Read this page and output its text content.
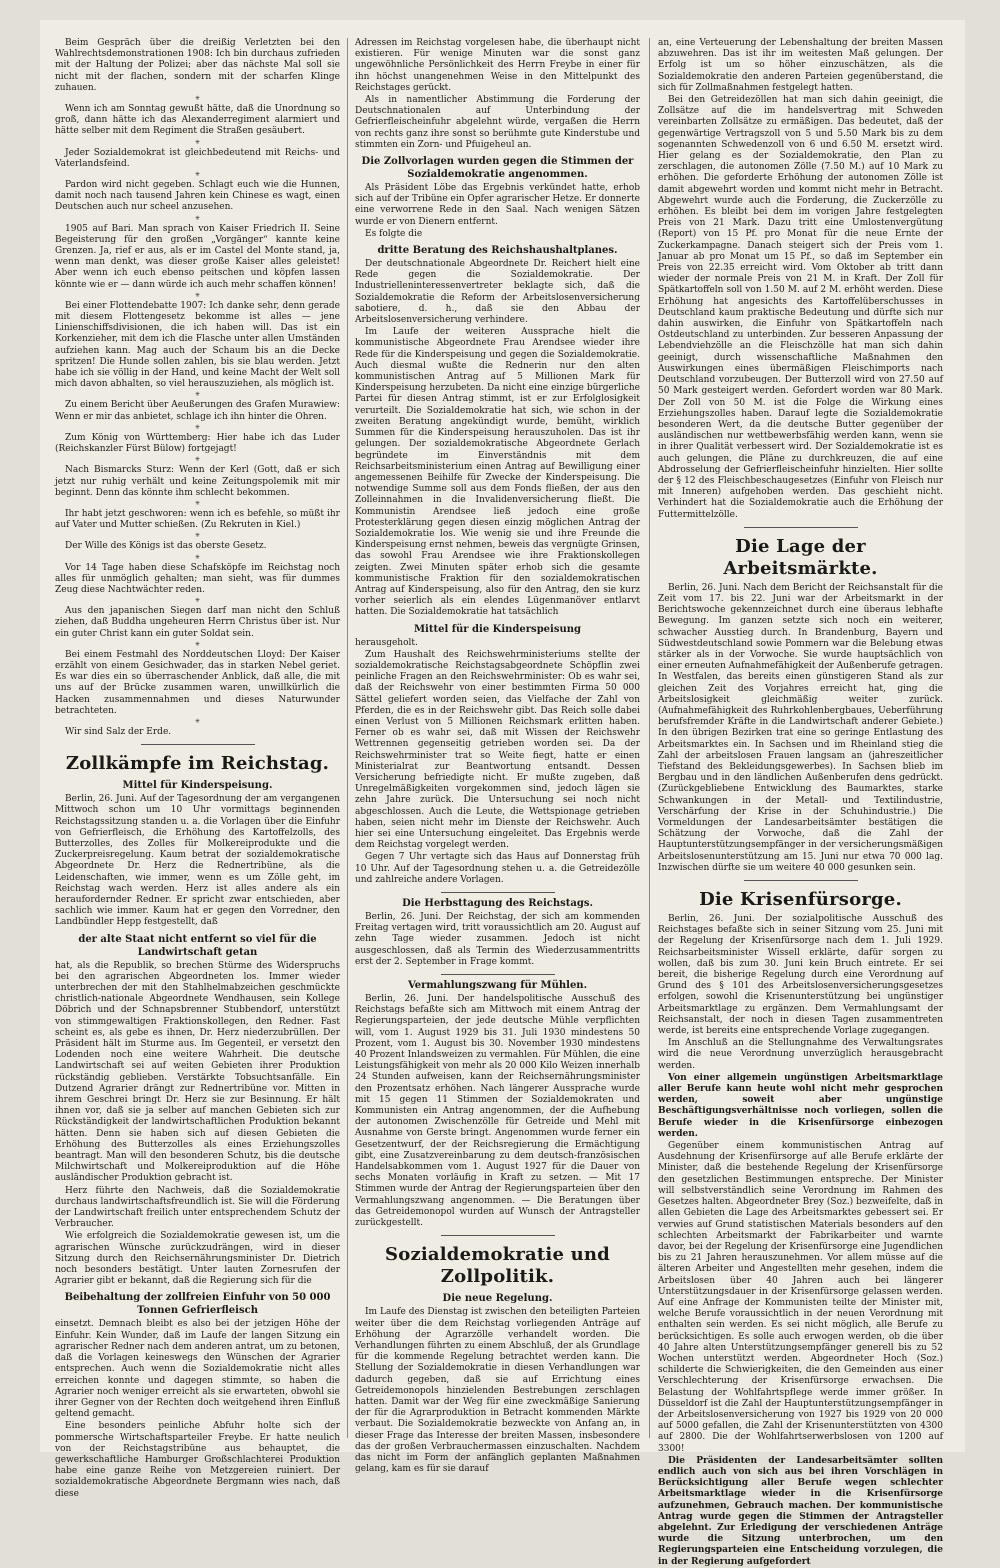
Beim Gespräch über die dreißig Verletzten bei den Wahlrechtsdemonstrationen 1908: Ich bin durchaus zufrieden mit der Haltung der Polizei; aber das nächste Mal soll sie nicht mit der flachen, sondern mit der scharfen Klinge zuhauen.

✳

Wenn ich am Sonntag gewußt hätte, daß die Unordnung so groß, dann hätte ich das Alexanderregiment alarmiert und hätte selber mit dem Regiment die Straßen gesäubert.

✳

Jeder Sozialdemokrat ist gleichbedeutend mit Reichs- und Vaterlandsfeind.

✳

Pardon wird nicht gegeben. Schlagt euch wie die Hunnen, damit noch nach tausend Jahren kein Chinese es wagt, einen Deutschen auch nur scheel anzusehen.

✳

1905 auf Bari. Man sprach von Kaiser Friedrich II. Seine Begeisterung für den großen „Vorgänger“ kannte keine Grenzen. Ja, rief er aus, als er im Castel del Monte stand, ja, wenn man denkt, was dieser große Kaiser alles geleistet! Aber wenn ich euch ebenso peitschen und köpfen lassen könnte wie er — dann würde ich auch mehr schaffen können!

✳

Bei einer Flottendebatte 1907: Ich danke sehr, denn gerade mit diesem Flottengesetz bekomme ist alles — jene Linienschiffsdivisionen, die ich haben will. Das ist ein Korkenzieher, mit dem ich die Flasche unter allen Umständen aufziehen kann. Mag auch der Schaum bis an die Decke spritzen! Die Hunde sollen zahlen, bis sie blau werden. Jetzt habe ich sie völlig in der Hand, und keine Macht der Welt soll mich davon abhalten, so viel herauszuziehen, als möglich ist.

✳

Zu einem Bericht über Aeußerungen des Grafen Murawiew: Wenn er mir das anbietet, schlage ich ihn hinter die Ohren.

✳

Zum König von Württemberg: Hier habe ich das Luder (Reichskanzler Fürst Bülow) fortgejagt!

✳

Nach Bismarcks Sturz: Wenn der Kerl (Gott, daß er sich jetzt nur ruhig verhält und keine Zeitungspolemik mit mir beginnt. Denn das könnte ihm schlecht bekommen.

✳

Ihr habt jetzt geschworen: wenn ich es befehle, so müßt ihr auf Vater und Mutter schießen. (Zu Rekruten in Kiel.)

✳

Der Wille des Königs ist das oberste Gesetz.

✳

Vor 14 Tage haben diese Schafsköpfe im Reichstag noch alles für unmöglich gehalten; man sieht, was für dummes Zeug diese Nachtwächter reden.

✳

Aus den japanischen Siegen darf man nicht den Schluß ziehen, daß Buddha ungeheuren Herrn Christus über ist. Nur ein guter Christ kann ein guter Soldat sein.

✳

Bei einem Festmahl des Norddeutschen Lloyd: Der Kaiser erzählt von einem Gesichwader, das in starken Nebel geriet. Es war dies ein so überraschender Anblick, daß alle, die mit uns auf der Brücke zusammen waren, unwillkürlich die Hacken zusammennahmen und dieses Naturwunder betrachteten.

✳

Wir sind Salz der Erde.

Zollkämpfe im Reichstag.
Mittel für Kinderspeisung.

Berlin, 26. Juni. Auf der Tagesordnung der am vergangenen Mittwoch schon um 10 Uhr vormittags beginnenden Reichstagssitzung standen u. a. die Vorlagen über die Einfuhr von Gefrierfleisch, die Erhöhung des Kartoffelzolls, des Butterzolles, des Zolles für Molkereiprodukte und die Zuckerpreisregelung. Kaum betrat der sozialdemokratische Abgeordnete Dr. Herz die Rednertribüne, als die Leidenschaften, wie immer, wenn es um Zölle geht, im Reichstag wach werden. Herz ist alles andere als ein heraufordernder Redner. Er spricht zwar entschieden, aber sachlich wie immer. Kaum hat er gegen den Vorredner, den Landbündler Hepp festgestellt, daß

der alte Staat nicht entfernt so viel für die Landwirtschaft getan

hat, als die Republik, so brechen Stürme des Widerspruchs bei den agrarischen Abgeordneten los. Immer wieder unterbrechen der mit den Stahlhelmabzeichen geschmückte christlich-nationale Abgeordnete Wendhausen, sein Kollege Döbrich und der Schnapsbrenner Stubbendorf, unterstützt von stimmgewaltigen Fraktionskollegen, den Redner. Fast scheint es, als gebe es ihnen, Dr. Herz niederzubrüllen. Der Präsident hält im Sturme aus. Im Gegenteil, er versetzt den Lodenden noch eine weitere Wahrheit. Die deutsche Landwirtschaft sei auf weiten Gebieten ihrer Produktion rückständig geblieben. Verstärkte Tobsuchtsanfälle. Ein Dutzend Agrarier drängt zur Rednertribüne vor. Mitten in ihrem Geschrei bringt Dr. Herz sie zur Besinnung. Er hält ihnen vor, daß sie ja selber auf manchen Gebieten sich zur Rückständigkeit der landwirtschaftlichen Produktion bekannt hätten. Denn sie haben sich auf diesen Gebieten die Erhöhung des Butterzolles als eines Erziehungszolles beantragt. Man will den besonderen Schutz, bis die deutsche Milchwirtschaft und Molkereiproduktion auf die Höhe ausländischer Produktion gebracht ist.

Herz führte den Nachweis, daß die Sozialdemokratie durchaus landwirtschaftsfreundlich ist. Sie will die Förderung der Landwirtschaft freilich unter entsprechendem Schutz der Verbraucher.

Wie erfolgreich die Sozialdemokratie gewesen ist, um die agrarischen Wünsche zurückzudrängen, wird in dieser Sitzung durch den Reichsernährungsminister Dr. Dietrich noch besonders bestätigt. Unter lauten Zornesrufen der Agrarier gibt er bekannt, daß die Regierung sich für die

Beibehaltung der zollfreien Einfuhr von 50 000 Tonnen Gefrierfleisch

einsetzt. Demnach bleibt es also bei der jetzigen Höhe der Einfuhr. Kein Wunder, daß im Laufe der langen Sitzung ein agrarischer Redner nach dem anderen antrat, um zu betonen, daß die Vorlagen keineswegs den Wünschen der Agrarier entsprechen. Auch wenn die Sozialdemokratie nicht alles erreichen konnte und dagegen stimmte, so haben die Agrarier noch weniger erreicht als sie erwarteten, obwohl sie ihrer Gegner von der Rechten doch weitgehend ihren Einfluß geltend gemacht.

Eine besonders peinliche Abfuhr holte sich der pommersche Wirtschaftsparteiler Freybe. Er hatte neulich von der Reichstagstribüne aus behauptet, die gewerkschaftliche Hamburger Großschlachterei Produktion habe eine ganze Reihe von Metzgereien ruiniert. Der sozialdemokratische Abgeordnete Bergmann wies nach, daß diese

Adressen im Reichstag vorgelesen habe, die überhaupt nicht existieren. Für wenige Minuten war die sonst ganz ungewöhnliche Persönlichkeit des Herrn Freybe in einer für ihn höchst unangenehmen Weise in den Mittelpunkt des Reichstages gerückt.

Als in namentlicher Abstimmung die Forderung der Deutschnationalen auf Unterbindung der Gefrierfleischeinfuhr abgelehnt würde, vergaßen die Herrn von rechts ganz ihre sonst so berühmte gute Kinderstube und stimmten ein Zorn- und Pfuigeheul an.

Die Zollvorlagen wurden gegen die Stimmen der Sozialdemokratie angenommen.

Als Präsident Löbe das Ergebnis verkündet hatte, erhob sich auf der Tribüne ein Opfer agrarischer Hetze. Er donnerte eine verworrene Rede in den Saal. Nach wenigen Sätzen wurde er von Dienern entfernt.

Es folgte die

dritte Beratung des Reichshaushaltplanes.

Der deutschnationale Abgeordnete Dr. Reichert hielt eine Rede gegen die Sozialdemokratie. Der Industrielleninteressenvertreter beklagte sich, daß die Sozialdemokratie die Reform der Arbeitslosenversicherung sabotiere, d. h., daß sie den Abbau der Arbeitslosenversicherung verhindere.

Im Laufe der weiteren Aussprache hielt die kommunistische Abgeordnete Frau Arendsee wieder ihre Rede für die Kinderspeisung und gegen die Sozialdemokratie. Auch diesmal wußte die Rednerin nur den alten kommunistischen Antrag auf 5 Millionen Mark für Kinderspeisung herzubeten. Da nicht eine einzige bürgerliche Partei für diesen Antrag stimmt, ist er zur Erfolglosigkeit verurteilt. Die Sozialdemokratie hat sich, wie schon in der zweiten Beratung angekündigt wurde, bemüht, wirklich Summen für die Kinderspeisung herauszuholen. Das ist ihr gelungen. Der sozialdemokratische Abgeordnete Gerlach begründete im Einverständnis mit dem Reichsarbeitsministerium einen Antrag auf Bewilligung einer angemessenen Beihilfe für Zwecke der Kinderspeisung. Die notwendige Summe soll aus dem Fonds fließen, der aus den Zolleinnahmen in die Invalidenversicherung fließt. Die Kommunistin Arendsee ließ jedoch eine große Protesterklärung gegen diesen einzig möglichen Antrag der Sozialdemokratie los. Wie wenig sie und ihre Freunde die Kinderspeisung ernst nehmen, beweis das vergnügte Grinsen, das sowohl Frau Arendsee wie ihre Fraktionskollegen zeigten. Zwei Minuten später erhob sich die gesamte kommunistische Fraktion für den sozialdemokratischen Antrag auf Kinderspeisung, also für den Antrag, den sie kurz vorher seierlich als ein elendes Lügenmanöver entlarvt hatten. Die Sozialdemokratie hat tatsächlich

Mittel für die Kinderspeisung

herausgeholt.

Zum Haushalt des Reichswehrministeriums stellte der sozialdemokratische Reichstagsabgeordnete Schöpflin zwei peinliche Fragen an den Reichswehrminister: Ob es wahr sei, daß der Reichswehr von einer bestimmten Firma 50 000 Sättel geliefert worden seien, das Vielfache der Zahl von Pferden, die es in der Reichswehr gibt. Das Reich solle dabei einen Verlust von 5 Millionen Reichsmark erlitten haben. Ferner ob es wahr sei, daß mit Wissen der Reichswehr Wettrennen gegenseitig getrieben worden sei. Da der Reichswehrminister trat so Weite fiegt, hatte er einen Ministerialrat zur Beantwortung entsandt. Dessen Versicherung befriedigte nicht. Er mußte zugeben, daß Unregelmäßigkeiten vorgekommen sind, jedoch lägen sie zehn Jahre zurück. Die Untersuchung sei noch nicht abgeschlossen. Auch die Leute, die Wettspionage getrieben haben, seien nicht mehr im Dienste der Reichswehr. Auch hier sei eine Untersuchung eingeleitet. Das Ergebnis werde dem Reichstag vorgelegt werden.

Gegen 7 Uhr vertagte sich das Haus auf Donnerstag früh 10 Uhr. Auf der Tagesordnung stehen u. a. die Getreidezölle und zahlreiche andere Vorlagen.

Die Herbsttagung des Reichstags.

Berlin, 26. Juni. Der Reichstag, der sich am kommenden Freitag vertagen wird, tritt voraussichtlich am 20. August auf zehn Tage wieder zusammen. Jedoch ist nicht ausgeschlossen, daß als Termin des Wiederzusammentritts erst der 2. September in Frage kommt.

Vermahlungszwang für Mühlen.

Berlin, 26. Juni. Der handelspolitische Ausschuß des Reichstags befaßte sich am Mittwoch mit einem Antrag der Regierungsparteien, der jede deutsche Mühle verpflichten will, vom 1. August 1929 bis 31. Juli 1930 mindestens 50 Prozent, vom 1. August bis 30. November 1930 mindestens 40 Prozent Inlandsweizen zu vermahlen. Für Mühlen, die eine Leistungsfähigkeit von mehr als 20 000 Kilo Weizen innerhalb 24 Stunden aufweisen, kann der Reichsernährungsminister den Prozentsatz erhöhen. Nach längerer Aussprache wurde mit 15 gegen 11 Stimmen der Sozialdemokraten und Kommunisten ein Antrag angenommen, der die Aufhebung der autonomen Zwischenzölle für Getreide und Mehl mit Ausnahme von Gerste bringt. Angenommen wurde ferner ein Gesetzentwurf, der der Reichsregierung die Ermächtigung gibt, eine Zusatzvereinbarung zu dem deutsch-französischen Handelsabkommen vom 1. August 1927 für die Dauer von sechs Monaten vorläufig in Kraft zu setzen. — Mit 17 Stimmen wurde der Antrag der Regierungsparteien über den Vermahlungszwang angenommen. — Die Beratungen über das Getreidemonopol wurden auf Wunsch der Antragsteller zurückgestellt.

Sozialdemokratie und Zollpolitik.
Die neue Regelung.

Im Laufe des Dienstag ist zwischen den beteiligten Parteien weiter über die dem Reichstag vorliegenden Anträge auf Erhöhung der Agrarzölle verhandelt worden. Die Verhandlungen führten zu einem Abschluß, der als Grundlage für die kommende Regelung betrachtet werden kann. Die Stellung der Sozialdemokratie in diesen Verhandlungen war dadurch gegeben, daß sie auf Errichtung eines Getreidemonopols hinzielenden Bestrebungen zerschlagen hatten. Damit war der Weg für eine zweckmäßige Sanierung der für die Agrarproduktion in Betracht kommenden Märkte verbaut. Die Sozialdemokratie bezweckte von Anfang an, in dieser Frage das Interesse der breiten Massen, insbesondere das der großen Verbrauchermassen einzuschalten. Nachdem das nicht im Form der anfänglich geplanten Maßnahmen gelang, kam es für sie darauf

an, eine Verteuerung der Lebenshaltung der breiten Massen abzuwehren. Das ist ihr im weitesten Maß gelungen. Der Erfolg ist um so höher einzuschätzen, als die Sozialdemokratie den anderen Parteien gegenüberstand, die sich für Zollmaßnahmen festgelegt hatten.

Bei den Getreidezöllen hat man sich dahin geeinigt, die Zollsätze auf die im handelsvertrag mit Schweden vereinbarten Zollsätze zu ermäßigen. Das bedeutet, daß der gegenwärtige Vertragszoll von 5 und 5.50 Mark bis zu dem sogenannten Schwedenzoll von 6 und 6.50 M. ersetzt wird. Hier gelang es der Sozialdemokratie, den Plan zu zerschlagen, die autonomen Zölle (7.50 M.) auf 10 Mark zu erhöhen. Die geforderte Erhöhung der autonomen Zölle ist damit abgewehrt worden und kommt nicht mehr in Betracht. Abgewehrt wurde auch die Forderung, die Zuckerzölle zu erhöhen. Es bleibt bei dem im vorigen Jahre festgelegten Preis von 21 Mark. Dazu tritt eine Umlostenvergütung (Report) von 15 Pf. pro Monat für die neue Ernte der Zuckerkampagne. Danach steigert sich der Preis vom 1. Januar ab pro Monat um 15 Pf., so daß im September ein Preis von 22.35 erreicht wird. Vom Oktober ab tritt dann wieder der normale Preis von 21 M. in Kraft. Der Zoll für Spätkartoffeln soll von 1.50 M. auf 2 M. erhöht werden. Diese Erhöhung hat angesichts des Kartoffelüberschusses in Deutschland kaum praktische Bedeutung und dürfte sich nur dahin auswirken, die Einfuhr von Spätkartoffeln nach Ostdeutschland zu unterbinden. Zur besseren Anpassung der Lebendviehzölle an die Fleischzölle hat man sich dahin geeinigt, durch wissenschaftliche Maßnahmen den Auswirkungen eines übermäßigen Fleischimports nach Deutschland vorzubeugen. Der Butterzoll wird von 27.50 auf 50 Mark gesteigert werden. Gefordert worden war 80 Mark. Der Zoll von 50 M. ist die Folge die Wirkung eines Erziehungszolles haben. Darauf legte die Sozialdemokratie besonderen Wert, da die deutsche Butter gegenüber der ausländischen nur wettbewerbsfähig werden kann, wenn sie in ihrer Qualität verbessert wird. Der Sozialdemokratie ist es auch gelungen, die Pläne zu durchkreuzen, die auf eine Abdrosselung der Gefrierfleischeinfuhr hinzielten. Hier sollte der § 12 des Fleischbeschaugesetzes (Einfuhr von Fleisch nur mit Inneren) aufgehoben werden. Das geschieht nicht. Verhindert hat die Sozialdemokratie auch die Erhöhung der Futtermittelzölle.

Die Lage der Arbeitsmärkte.

Berlin, 26. Juni. Nach dem Bericht der Reichsanstalt für die Zeit vom 17. bis 22. Juni war der Arbeitsmarkt in der Berichtswoche gekennzeichnet durch eine überaus lebhafte Bewegung. Im ganzen setzte sich noch ein weiterer, schwacher Ausstieg durch. In Brandenburg, Bayern und Südwestdeutschland sowie Pommern war die Belebung etwas stärker als in der Vorwoche. Sie wurde hauptsächlich von einer erneuten Aufnahmefähigkeit der Außenberufe getragen. In Westfalen, das bereits einen günstigeren Stand als zur gleichen Zeit des Vorjahres erreicht hat, ging die Arbeitslosigkeit gleichmäßig weiter zurück. (Aufnahmefähigkeit des Ruhrkohlenbergbaues, Ueberführung berufsfremder Kräfte in die Landwirtschaft anderer Gebiete.) In den übrigen Bezirken trat eine so geringe Entlastung des Arbeitsmarktes ein. In Sachsen und im Rheinland stieg die Zahl der arbeitslosen Frauen langsam an (jahreszeitlicher Tiefstand des Bekleidungsgewerbes). In Sachsen blieb im Bergbau und in den ländlichen Außenberufen dens gedrückt. (Zurückgebliebene Entwicklung des Baumarktes, starke Schwankungen in der Metall- und Textilindustrie, Verschärfung der Krise in der Schuhindustrie.) Die Vormeldungen der Landesarbeitsämter bestätigen die Schätzung der Vorwoche, daß die Zahl der Hauptunterstützungsempfänger in der versicherungsmäßigen Arbeitslosenunterstützung am 15. Juni nur etwa 70 000 lag. Inzwischen dürfte sie um weitere 40 000 gesunken sein.

Die Krisenfürsorge.

Berlin, 26. Juni. Der sozialpolitische Ausschuß des Reichstages befaßte sich in seiner Sitzung vom 25. Juni mit der Regelung der Krisenfürsorge nach dem 1. Juli 1929. Reichsarbeitsminister Wissell erklärte, dafür sorgen zu wollen, daß bis zum 30. Juni kein Bruch eintrete. Er sei bereit, die bisherige Regelung durch eine Verordnung auf Grund des § 101 des Arbeitslosenversicherungsgesetzes erfolgen, sowohl die Krisenunterstützung bei ungünstiger Arbeitsmarktlage zu ergänzen. Dem Vermahlungsamt der Reichsanstalt, der noch in diesen Tagen zusammentreten werde, ist bereits eine entsprechende Vorlage zugegangen.

Im Anschluß an die Stellungnahme des Verwaltungsrates wird die neue Verordnung unverzüglich herausgebracht werden.

Von einer allgemein ungünstigen Arbeitsmarktlage aller Berufe kann heute wohl nicht mehr gesprochen werden, soweit aber ungünstige Beschäftigungsverhältnisse noch vorliegen, sollen die Berufe wieder in die Krisenfürsorge einbezogen werden.

Gegenüber einem kommunistischen Antrag auf Ausdehnung der Krisenfürsorge auf alle Berufe erklärte der Minister, daß die bestehende Regelung der Krisenfürsorge den gesetzlichen Bestimmungen entspreche. Der Minister will selbstverständlich seine Verordnung im Rahmen des Gesetzes halten. Abgeordneter Brey (Soz.) bezweifelte, daß in allen Gebieten die Lage des Arbeitsmarktes gebessert sei. Er verwies auf Grund statistischen Materials besonders auf den schlechten Arbeitsmarkt der Fabrikarbeiter und warnte davor, bei der Regelung der Krisenfürsorge eine Jugendlichen bis zu 21 Jahren herauszunehmen. Vor allem müsse auf die älteren Arbeiter und Angestellten mehr gesehen, indem die Arbeitslosen über 40 Jahren auch bei längerer Unterstützungsdauer in der Krisenfürsorge gelassen werden. Auf eine Anfrage der Kommunisten teilte der Minister mit, welche Berufe voraussichtlich in der neuen Verordnung mit enthalten sein werden. Es sei nicht möglich, alle Berufe zu berücksichtigen. Es solle auch erwogen werden, ob die über 40 Jahre alten Unterstützungsempfänger generell bis zu 52 Wochen unterstützt werden. Abgeordneter Hoch (Soz.) schilderte die Schwierigkeiten, die den Gemeinden aus einer Verschlechterung der Krisenfürsorge erwachsen. Die Belastung der Wohlfahrtspflege werde immer größer. In Düsseldorf ist die Zahl der Hauptunterstützungsempfänger in der Arbeitslosenversicherung von 1927 bis 1929 von 20 000 auf 5000 gefallen, die Zahl der Krisenunterstützten von 4300 auf 2800. Die der Wohlfahrtserwerbslosen von 1200 auf 3300!

Die Präsidenten der Landesarbeitsämter sollten endlich auch von sich aus bei ihren Vorschlägen in Berücksichtigung aller Berufe wegen schlechter Arbeitsmarktlage wieder in die Krisenfürsorge aufzunehmen, Gebrauch machen. Der kommunistische Antrag wurde gegen die Stimmen der Antragsteller abgelehnt. Zur Erledigung der verschiedenen Anträge wurde die Sitzung unterbrochen, um den Regierungsparteien eine Entscheidung vorzulegen, die in der Regierung aufgefordert
